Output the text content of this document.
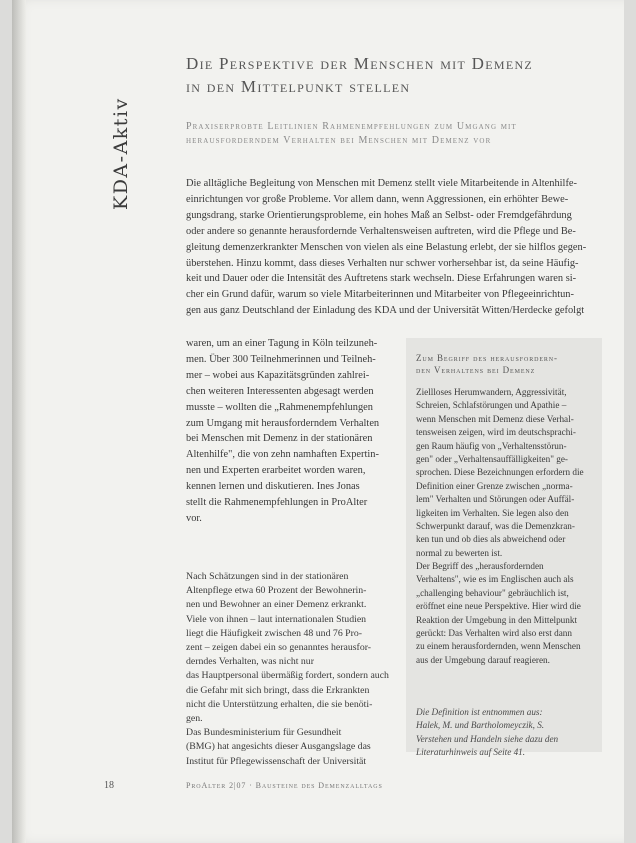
KDA-Aktiv
Die Perspektive der Menschen mit Demenz
in den Mittelpunkt stellen
Praxiserprobte Leitlinien Rahmenempfehlungen zum Umgang mit
herausforderndem Verhalten bei Menschen mit Demenz vor

Die alltägliche Begleitung von Menschen mit Demenz stellt viele Mitarbeitende in Altenhilfe-

einrichtungen vor große Probleme. Vor allem dann, wenn Aggressionen, ein erhöhter Bewe-

gungsdrang, starke Orientierungsprobleme, ein hohes Maß an Selbst- oder Fremdgefährdung

oder andere so genannte herausfordernde Verhaltensweisen auftreten, wird die Pflege und Be-

gleitung demenzerkrankter Menschen von vielen als eine Belastung erlebt, der sie hilflos gegen-

überstehen. Hinzu kommt, dass dieses Verhalten nur schwer vorhersehbar ist, da seine Häufig-

keit und Dauer oder die Intensität des Auftretens stark wechseln. Diese Erfahrungen waren si-

cher ein Grund dafür, warum so viele Mitarbeiterinnen und Mitarbeiter von Pflegeeinrichtun-

gen aus ganz Deutschland der Einladung des KDA und der Universität Witten/Herdecke gefolgt

waren, um an einer Tagung in Köln teilzuneh-

men. Über 300 Teilnehmerinnen und Teilneh-

mer – wobei aus Kapazitätsgründen zahlrei-

chen weiteren Interessenten abgesagt werden

musste – wollten die „Rahmenempfehlungen

zum Umgang mit herausforderndem Verhalten

bei Menschen mit Demenz in der stationären

Altenhilfe", die von zehn namhaften Expertin-

nen und Experten erarbeitet worden waren,

kennen lernen und diskutieren. Ines Jonas

stellt die Rahmenempfehlungen in ProAlter

vor.

Nach Schätzungen sind in der stationären

Altenpflege etwa 60 Prozent der Bewohnerin-

nen und Bewohner an einer Demenz erkrankt.

Viele von ihnen – laut internationalen Studien

liegt die Häufigkeit zwischen 48 und 76 Pro-

zent – zeigen dabei ein so genanntes herausfor-

derndes Verhalten, was nicht nur

das Hauptpersonal übermäßig fordert, sondern auch

die Gefahr mit sich bringt, dass die Erkrankten

nicht die Unterstützung erhalten, die sie benöti-

gen.

Das Bundesministerium für Gesundheit

(BMG) hat angesichts dieser Ausgangslage das

Institut für Pflegewissenschaft der Universität

Zum Begriff des herausfordern-
den Verhaltens bei Demenz

Ziellloses Herumwandern, Aggressivität,

Schreien, Schlafstörungen und Apathie –

wenn Menschen mit Demenz diese Verhal-

tensweisen zeigen, wird im deutschsprachi-

gen Raum häufig von „Verhaltensstörun-

gen" oder „Verhaltensauffälligkeiten" ge-

sprochen. Diese Bezeichnungen erfordern die

Definition einer Grenze zwischen „norma-

lem" Verhalten und Störungen oder Auffäl-

ligkeiten im Verhalten. Sie legen also den

Schwerpunkt darauf, was die Demenzkran-

ken tun und ob dies als abweichend oder

normal zu bewerten ist.

Der Begriff des „herausfordernden

Verhaltens", wie es im Englischen auch als

„challenging behaviour" gebräuchlich ist,

eröffnet eine neue Perspektive. Hier wird die

Reaktion der Umgebung in den Mittelpunkt

gerückt: Das Verhalten wird also erst dann

zu einem herausfordernden, wenn Menschen

aus der Umgebung darauf reagieren.

Die Definition ist entnommen aus:

Halek, M. und Bartholomeyczik, S.

Verstehen und Handeln siehe dazu den

Literaturhinweis auf Seite 41.

18	ProAlter 2|07 · Bausteine des Demenzalltags
